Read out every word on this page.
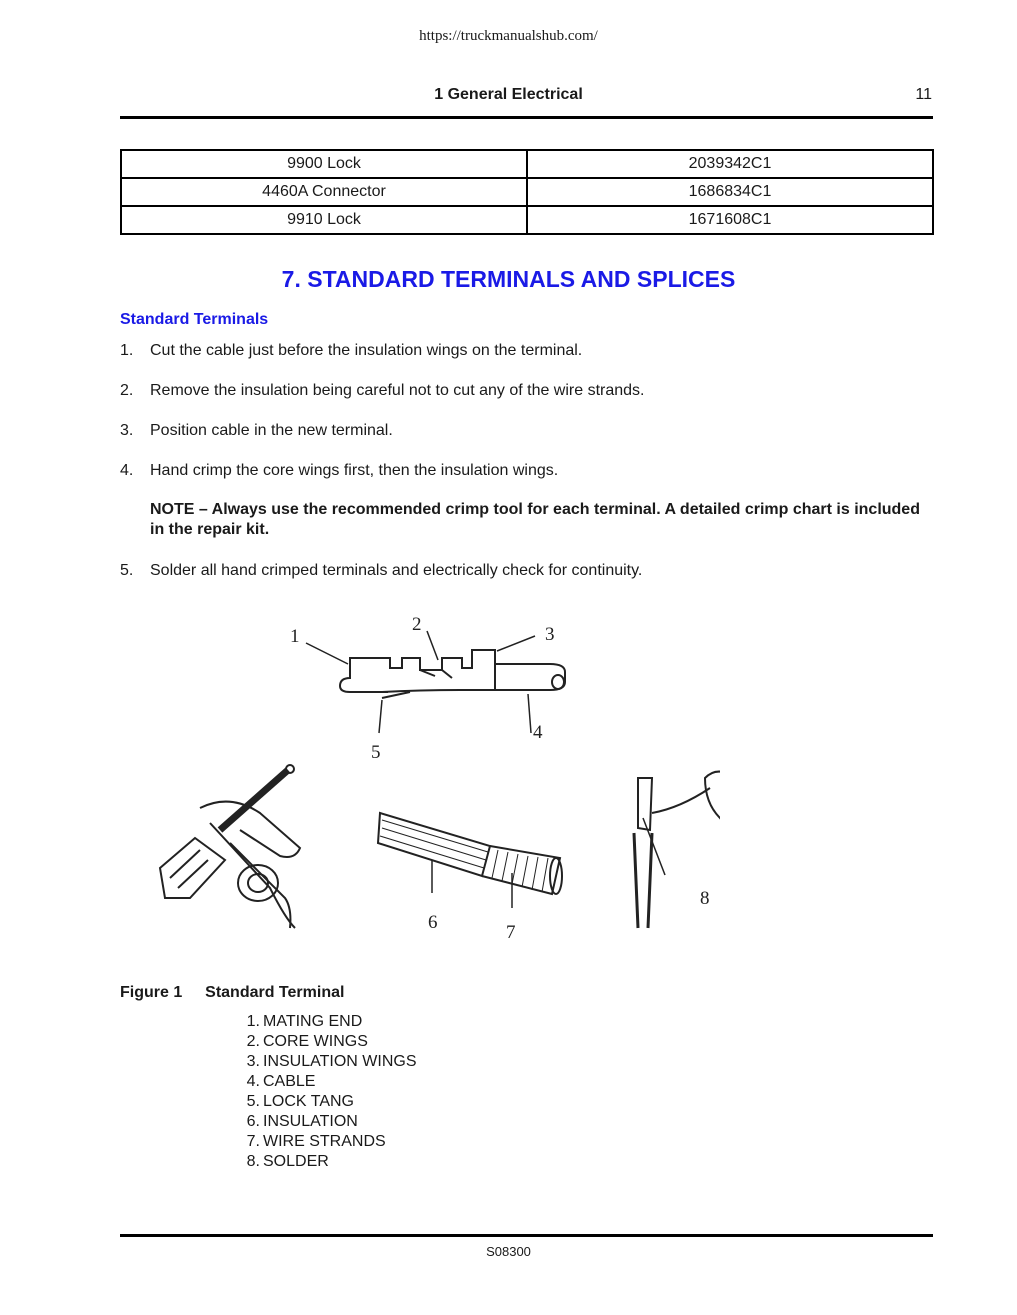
https://truckmanualshub.com/
1 General Electrical	11
9900 Lock	2039342C1
4460A Connector	1686834C1
9910 Lock	1671608C1
7. STANDARD TERMINALS AND SPLICES
Standard Terminals
1. Cut the cable just before the insulation wings on the terminal.
2. Remove the insulation being careful not to cut any of the wire strands.
3. Position cable in the new terminal.
4. Hand crimp the core wings first, then the insulation wings.
NOTE – Always use the recommended crimp tool for each terminal. A detailed crimp chart is included in the repair kit.
5. Solder all hand crimped terminals and electrically check for continuity.
1
2	3
4
5
6	7
8
Figure 1 Standard Terminal
1. MATING END
2. CORE WINGS
3. INSULATION WINGS
4. CABLE
5. LOCK TANG
6. INSULATION
7. WIRE STRANDS
8. SOLDER
S08300
